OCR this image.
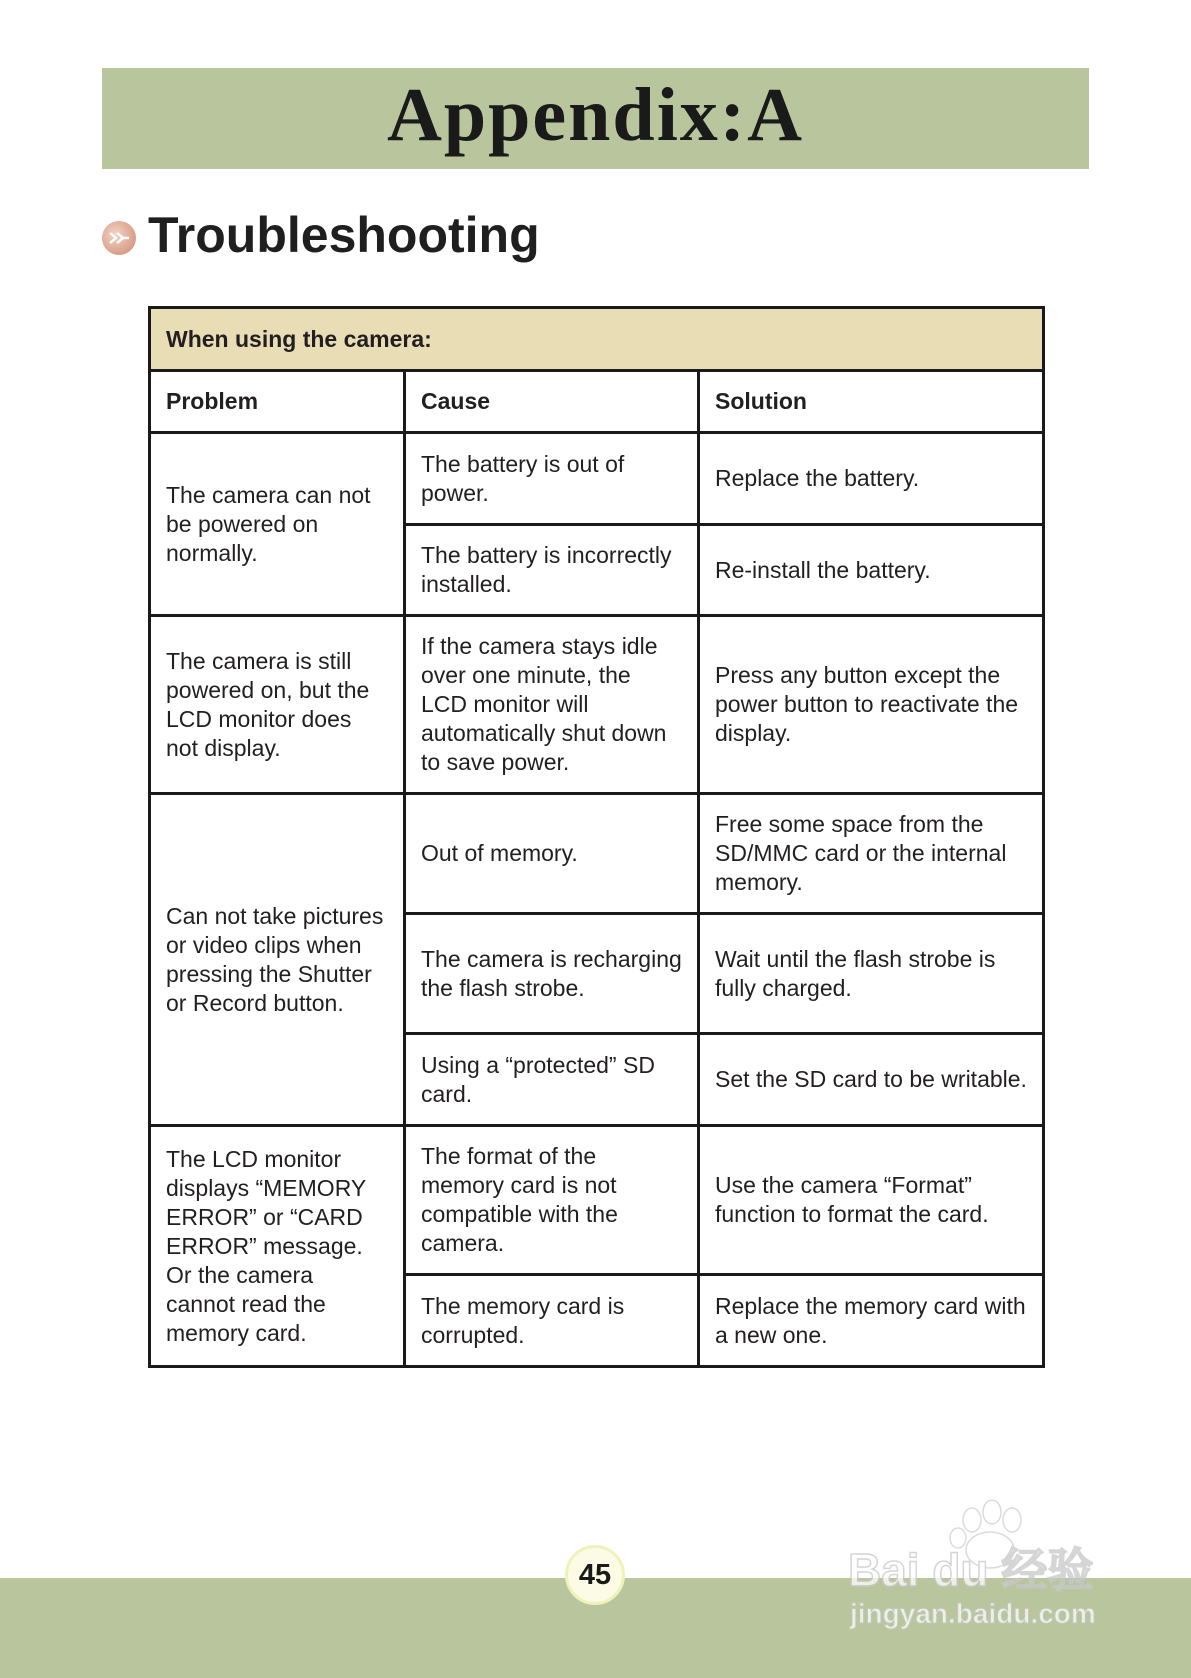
Appendix:A
Troubleshooting
When using the camera:		
Problem	Cause	Solution
The camera can not be powered on normally.	The battery is out of power.	Replace the battery.
	The battery is incorrectly installed.	Re-install the battery.
The camera is still powered on, but the LCD monitor does not display.	If the camera stays idle over one minute, the LCD monitor will automatically shut down to save power.	Press any button except the power button to reactivate the display.
Can not take pictures or video clips when pressing the Shutter or Record button.	Out of memory.	Free some space from the SD/MMC card or the internal memory.
	The camera is recharging the flash strobe.	Wait until the flash strobe is fully charged.
	Using a “protected” SD card.	Set the SD card to be writable.
The LCD monitor displays “MEMORY ERROR” or “CARD ERROR” message. Or the camera cannot read the memory card.	The format of the memory card is not compatible with the camera.	Use the camera “Format” function to format the card.
	The memory card is corrupted.	Replace the memory card with a new one.
45	Bai du 经验
jingyan.baidu.com
